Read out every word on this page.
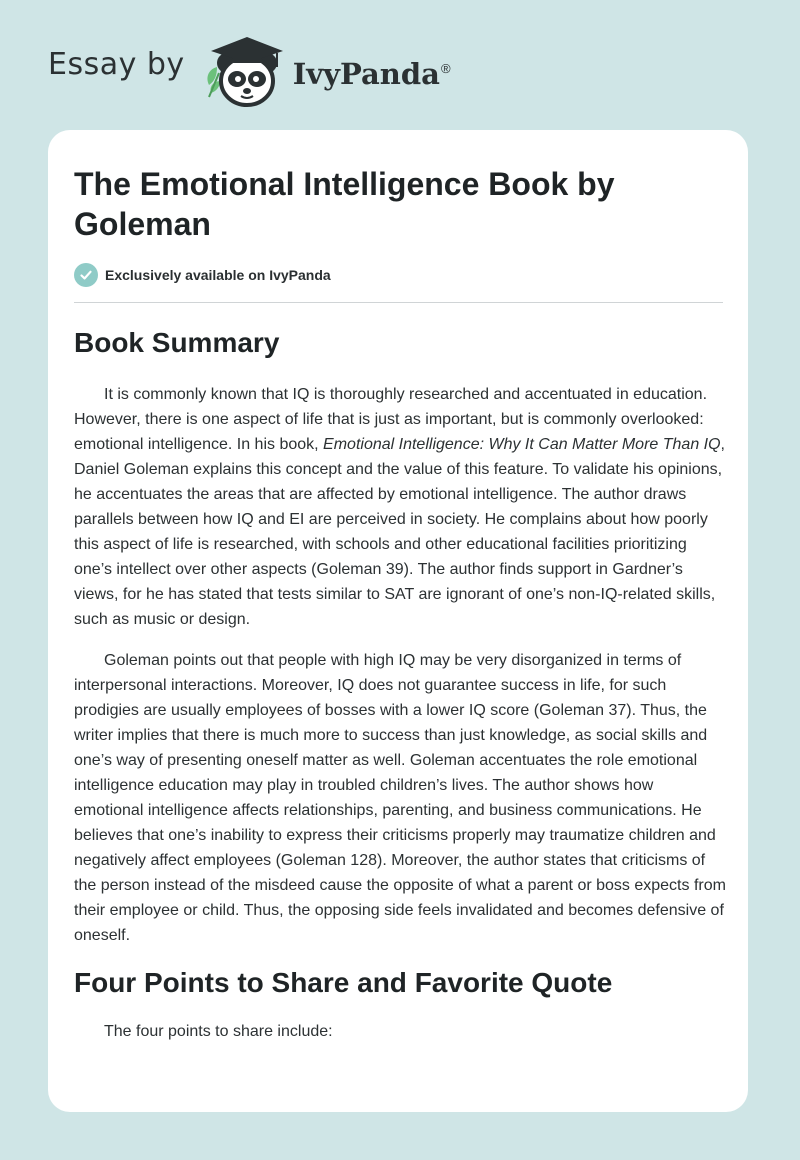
Essay by	IvyPanda®
The Emotional Intelligence Book by Goleman
Exclusively available on IvyPanda
Book Summary

It is commonly known that IQ is thoroughly researched and accentuated in education. However, there is one aspect of life that is just as important, but is commonly overlooked: emotional intelligence. In his book, Emotional Intelligence: Why It Can Matter More Than IQ, Daniel Goleman explains this concept and the value of this feature. To validate his opinions, he accentuates the areas that are affected by emotional intelligence. The author draws parallels between how IQ and EI are perceived in society. He complains about how poorly this aspect of life is researched, with schools and other educational facilities prioritizing one’s intellect over other aspects (Goleman 39). The author finds support in Gardner’s views, for he has stated that tests similar to SAT are ignorant of one’s non-IQ-related skills, such as music or design.

Goleman points out that people with high IQ may be very disorganized in terms of interpersonal interactions. Moreover, IQ does not guarantee success in life, for such prodigies are usually employees of bosses with a lower IQ score (Goleman 37). Thus, the writer implies that there is much more to success than just knowledge, as social skills and one’s way of presenting oneself matter as well. Goleman accentuates the role emotional intelligence education may play in troubled children’s lives. The author shows how emotional intelligence affects relationships, parenting, and business communications. He believes that one’s inability to express their criticisms properly may traumatize children and negatively affect employees (Goleman 128). Moreover, the author states that criticisms of the person instead of the misdeed cause the opposite of what a parent or boss expects from their employee or child. Thus, the opposing side feels invalidated and becomes defensive of oneself.

Four Points to Share and Favorite Quote

The four points to share include:
